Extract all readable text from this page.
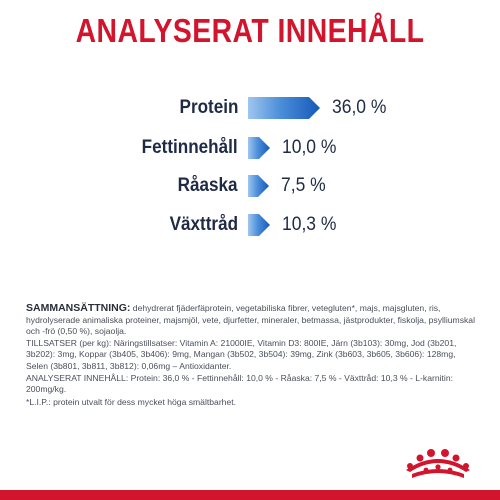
ANALYSERAT INNEHÅLL
Protein	36,0 %
Fettinnehåll 10,0 %
Råaska 7,5 %
Växttråd 10,3 %

SAMMANSÄTTNING: dehydrerat fjäderfäprotein, vegetabiliska fibrer, vetegluten*, majs, majsgluten, ris, hydrolyserade animaliska proteiner, majsmjöl, vete, djurfetter, mineraler, betmassa, jästprodukter, fiskolja, psylliumskal och -frö (0,50 %), sojaolja.

TILLSATSER (per kg): Näringstillsatser: Vitamin A: 21000IE, Vitamin D3: 800IE, Järn (3b103): 30mg, Jod (3b201, 3b202): 3mg, Koppar (3b405, 3b406): 9mg, Mangan (3b502, 3b504): 39mg, Zink (3b603, 3b605, 3b606): 128mg, Selen (3b801, 3b811, 3b812): 0,06mg – Antioxidanter.

ANALYSERAT INNEHÅLL: Protein: 36,0 % - Fettinnehåll: 10,0 % - Råaska: 7,5 % - Växttråd: 10,3 % - L-karnitin: 200mg/kg.

*L.I.P.: protein utvalt för dess mycket höga smältbarhet.
